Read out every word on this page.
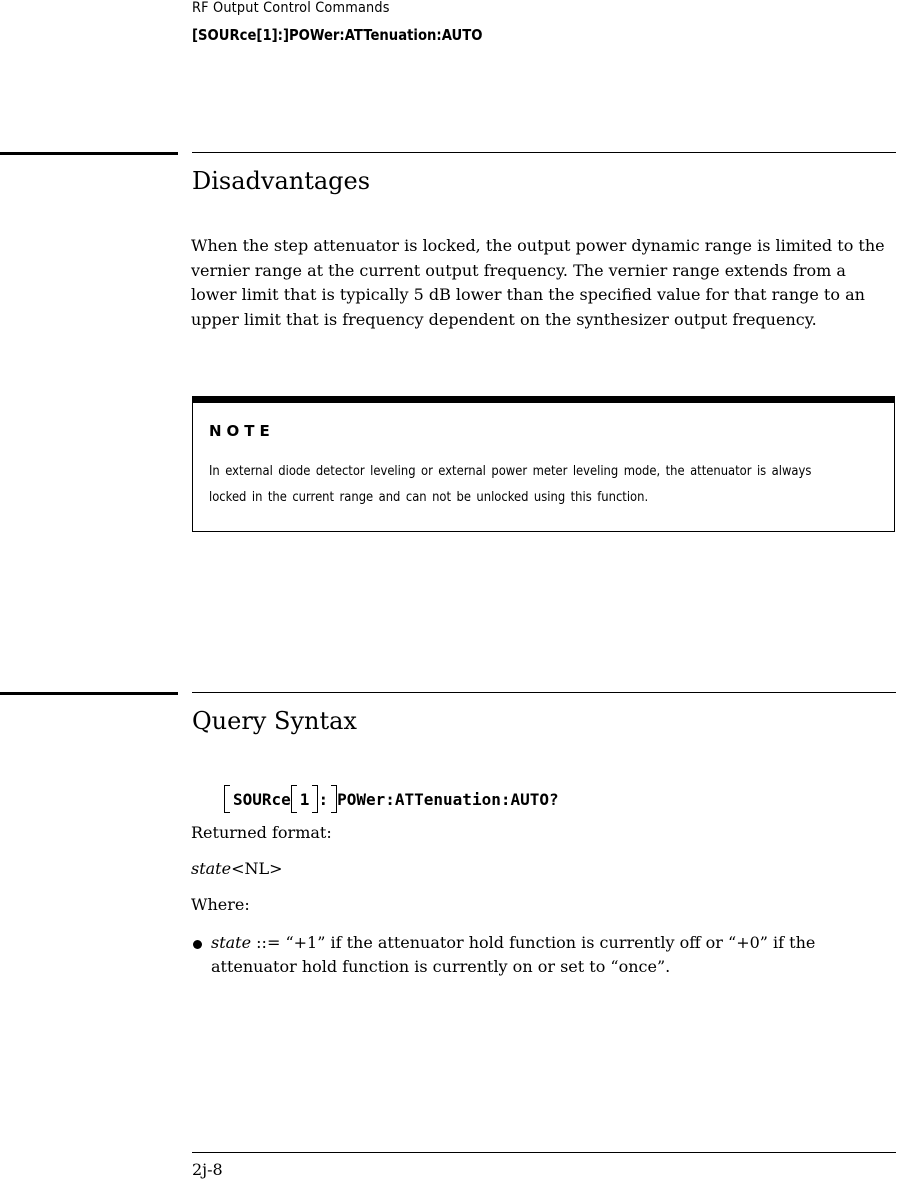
RF Output Control Commands
[SOURce[1]:]POWer:ATTenuation:AUTO
Disadvantages
When the step attenuator is locked, the output power dynamic range is limited to the vernier range at the current output frequency. The vernier range extends from a lower limit that is typically 5 dB lower than the specified value for that range to an upper limit that is frequency dependent on the synthesizer output frequency.
NOTE
In external diode detector leveling or external power meter leveling mode, the attenuator is always locked in the current range and can not be unlocked using this function.
Query Syntax
SOURce 1 : POWer:ATTenuation:AUTO?
Returned format:
state<NL>
Where:
state ::= “+1” if the attenuator hold function is currently off or “+0” if the attenuator hold function is currently on or set to “once”.
2j-8
